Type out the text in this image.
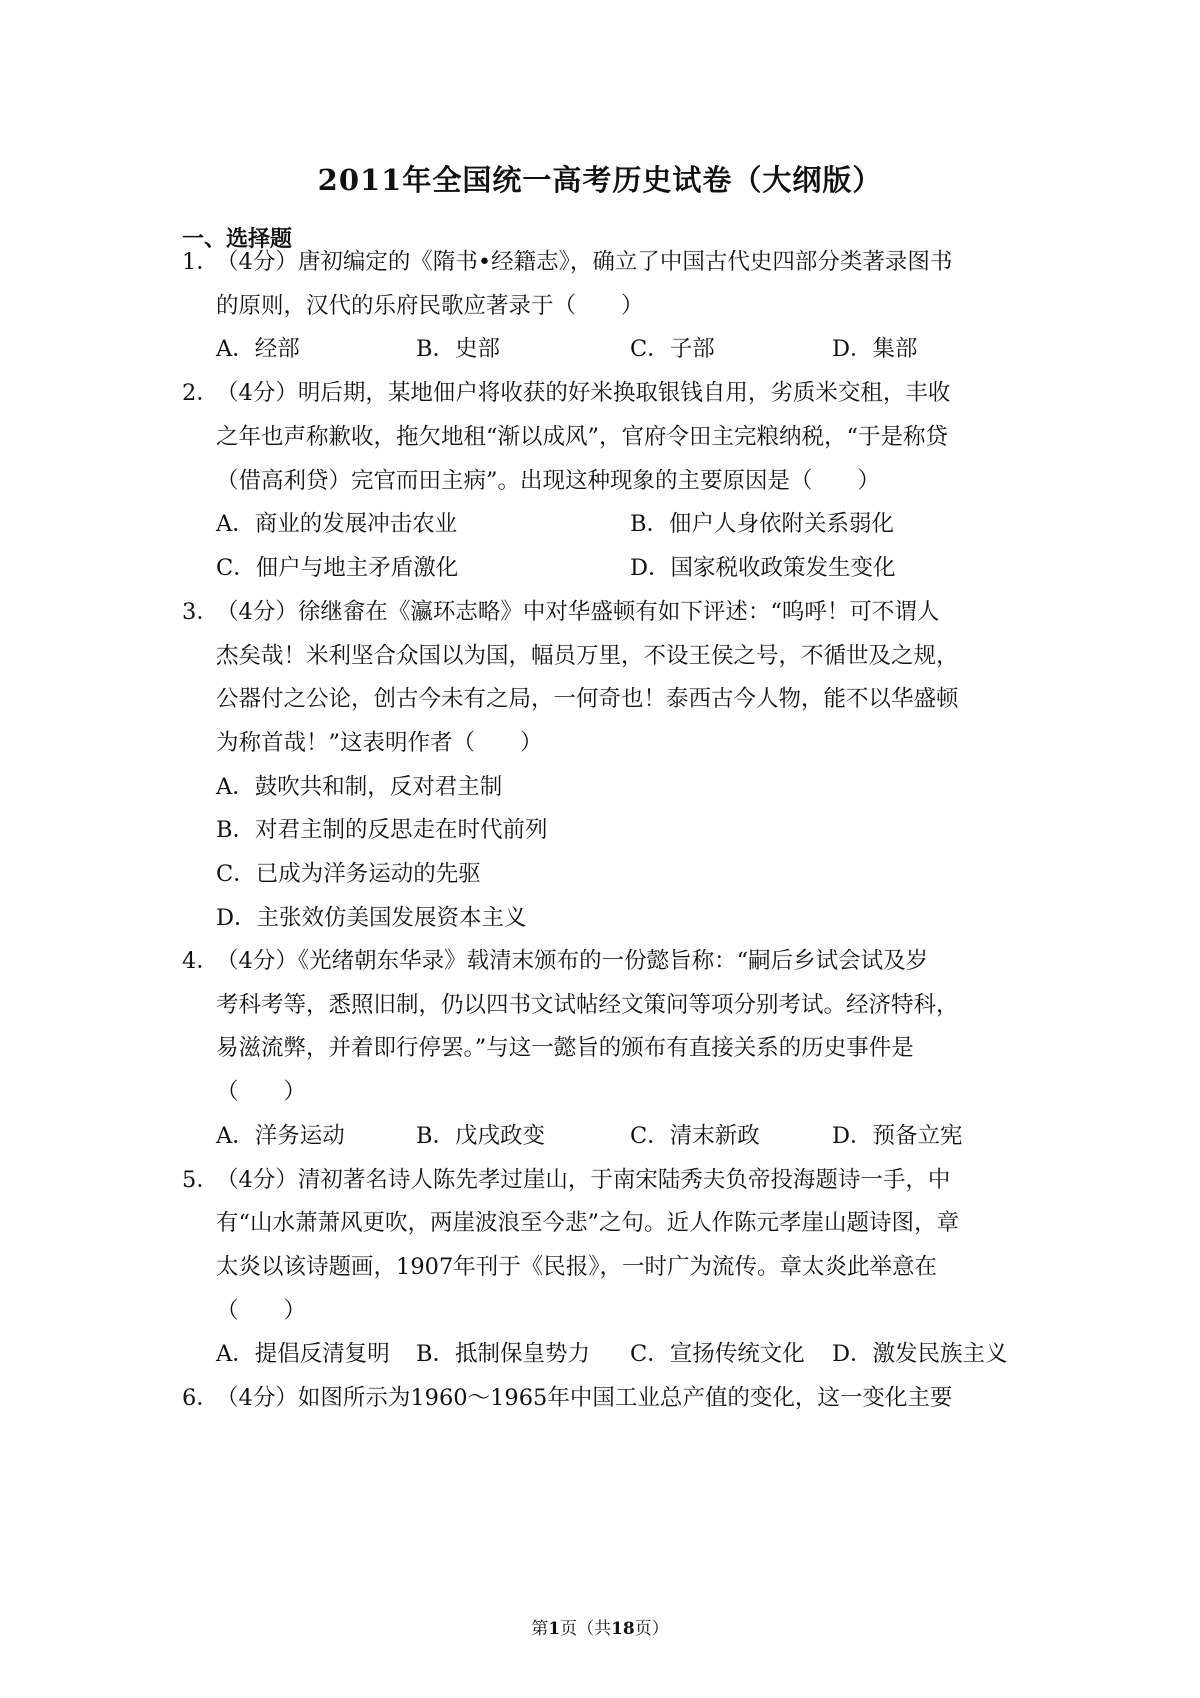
2011年全国统一高考历史试卷（大纲版）
一、选择题
1．
（4分）唐初编定的《隋书•经籍志》，确立了中国古代史四部分类著录图书
的原则，汉代的乐府民歌应著录于（　　）
A．经部	B．史部	C．子部	D．集部
2．
（4分）明后期，某地佃户将收获的好米换取银钱自用，劣质米交租，丰收
之年也声称歉收，拖欠地租“渐以成风”，官府令田主完粮纳税，“于是称贷
（借高利贷）完官而田主病”。出现这种现象的主要原因是（　　）
A．商业的发展冲击农业	B．佃户人身依附关系弱化
C．佃户与地主矛盾激化	D．国家税收政策发生变化
3．
（4分）徐继畲在《瀛环志略》中对华盛顿有如下评述：“呜呼！可不谓人
杰矣哉！米利坚合众国以为国，幅员万里，不设王侯之号，不循世及之规，
公器付之公论，创古今未有之局，一何奇也！泰西古今人物，能不以华盛顿
为称首哉！”这表明作者（　　）
A．鼓吹共和制，反对君主制
B．对君主制的反思走在时代前列
C．已成为洋务运动的先驱
D．主张效仿美国发展资本主义
4．
（4分）《光绪朝东华录》载清末颁布的一份懿旨称：“嗣后乡试会试及岁
考科考等，悉照旧制，仍以四书文试帖经文策问等项分别考试。经济特科，
易滋流弊，并着即行停罢。”与这一懿旨的颁布有直接关系的历史事件是
（　　）
A．洋务运动	B．戊戌政变	C．清末新政	D．预备立宪
5．
（4分）清初著名诗人陈先孝过崖山，于南宋陆秀夫负帝投海题诗一手，中
有“山水萧萧风更吹，两崖波浪至今悲”之句。近人作陈元孝崖山题诗图，章
太炎以该诗题画，1907年刊于《民报》，一时广为流传。章太炎此举意在
（　　）
A．提倡反清复明 B．抵制保皇势力 C．宣扬传统文化 D．激发民族主义
6．
（4分）如图所示为1960～1965年中国工业总产值的变化，这一变化主要
第1页（共18页）
